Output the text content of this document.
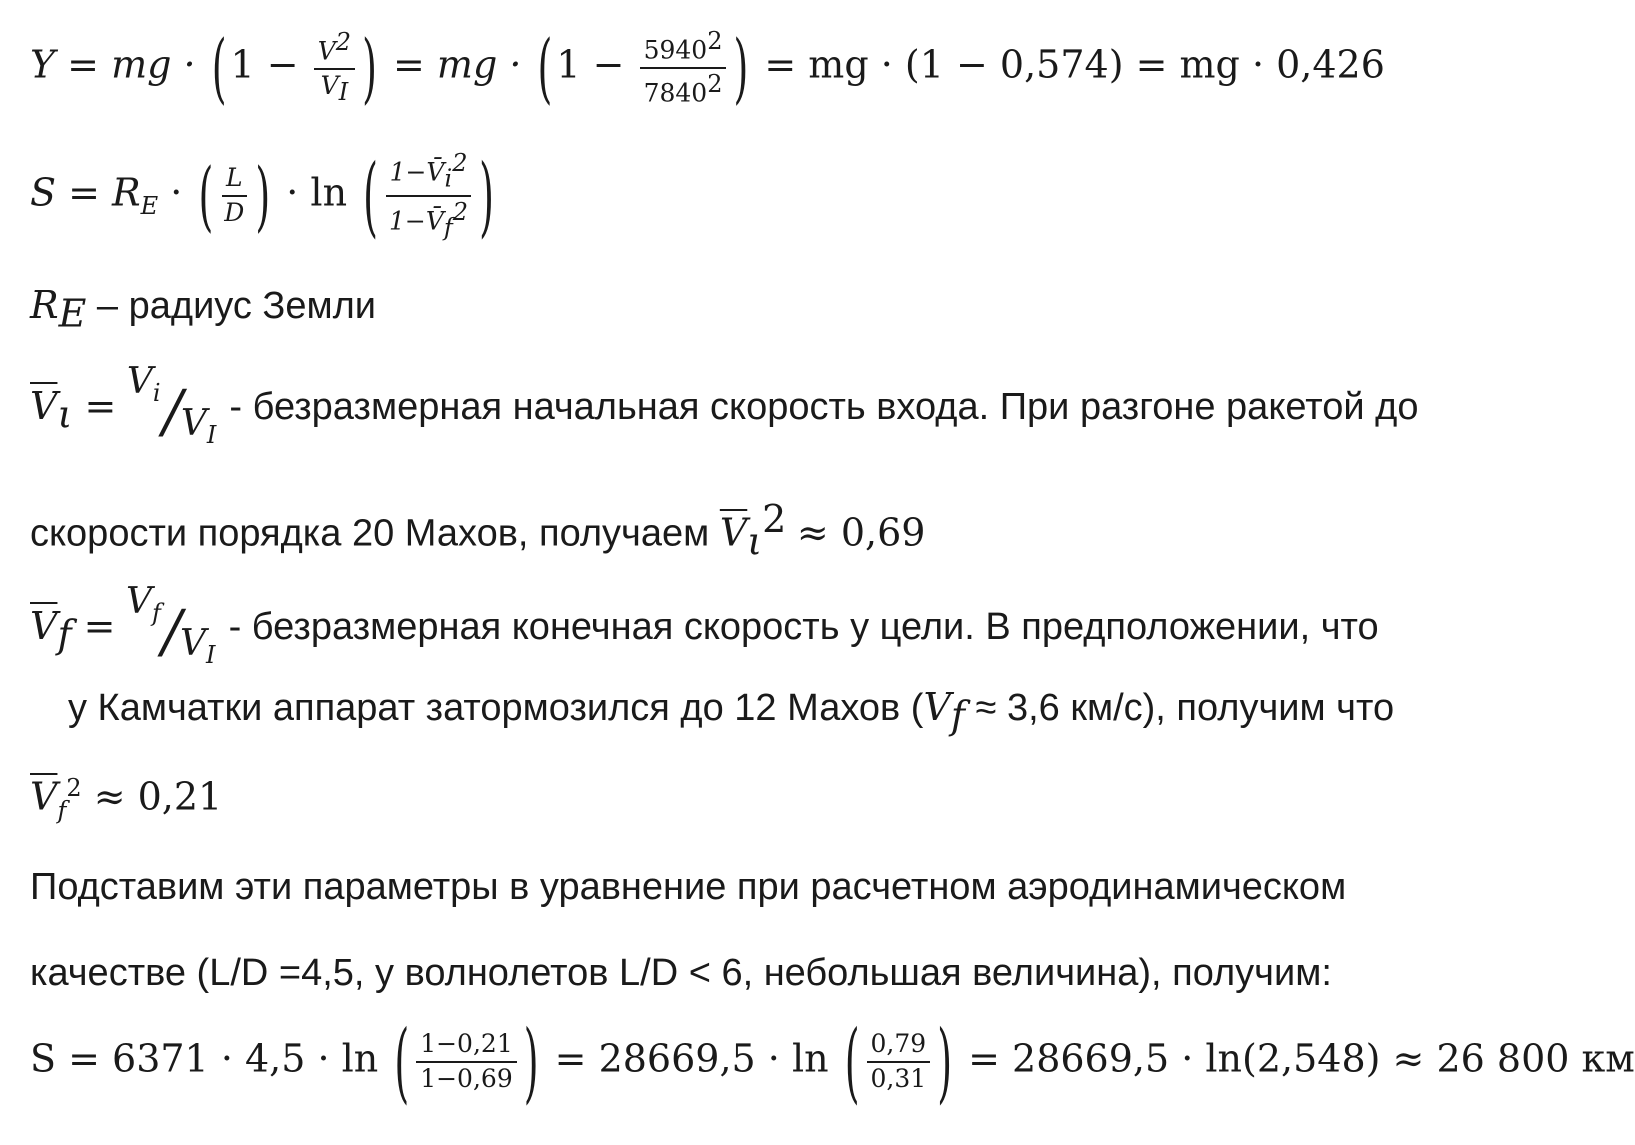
Y = mg · ( $1 - \frac{V^2}{V_I}$ ) = mg · ( $1 - \frac{5940^2}{7840^2}$ ) = mg · (1 − 0,574) = mg · 0,426
$S = R_E$ · ( $\frac{L}{D}$ ) · ln ( $\frac{1-V̄_i^2}{1-V̄_f^2}$ )
$R_E$ – радиус Земли
$\overline{V}_\iota$ =
$V_i$ /
$V_I$
- безразмерная начальная скорость входа. При разгоне ракетой до
скорости порядка 20 Махов, получаем $\overline{V}_\iota^2 \approx 0,69$
$\overline{V}_f$ =
$V_f$ /
$V_I$
- безразмерная конечная скорость у цели. В предположении, что
у Камчатки аппарат затормозился до 12 Махов ($V_f \approx 3,6$ км/с), получим что
$\overline{V}_f^2 \approx 0,21$
Подставим эти параметры в уравнение при расчетном аэродинамическом
качестве (L/D =4,5, у волнолетов L/D < 6, небольшая величина), получим:
S = 6371 · 4,5 · ln ( $\frac{1-0,21}{1-0,69}$ ) = 28669,5 · ln ( $\frac{0,79}{0,31}$ ) = 28669,5 · ln(2,548) ≈ 26 800 км
